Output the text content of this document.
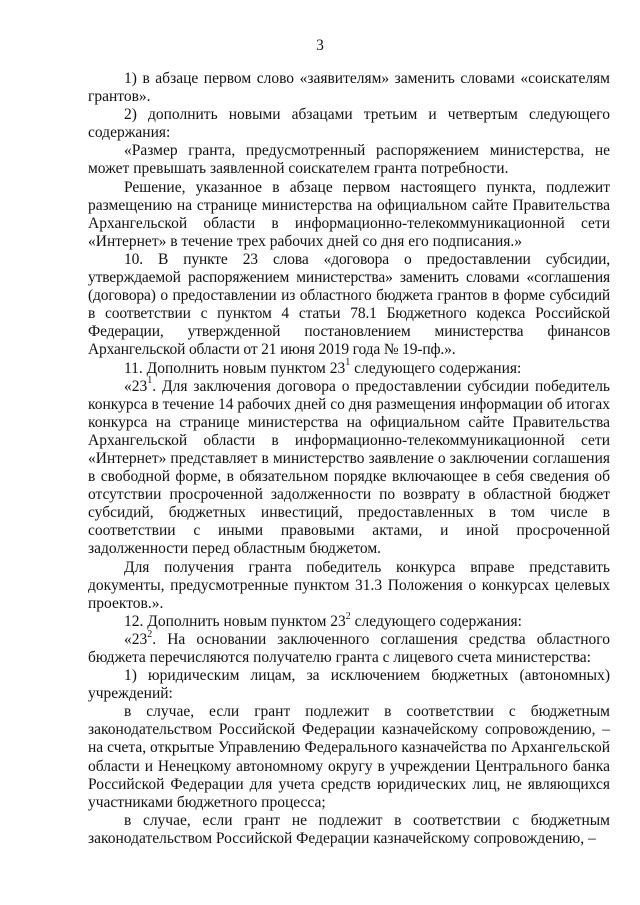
3

1) в абзаце первом слово «заявителям» заменить словами «соискателям грантов».

2) дополнить новыми абзацами третьим и четвертым следующего содержания:

«Размер гранта, предусмотренный распоряжением министерства, не может превышать заявленной соискателем гранта потребности.

Решение, указанное в абзаце первом настоящего пункта, подлежит размещению на странице министерства на официальном сайте Правительства Архангельской области в информационно-телекоммуникационной сети «Интернет» в течение трех рабочих дней со дня его подписания.»

10. В пункте 23 слова «договора о предоставлении субсидии, утверждаемой распоряжением министерства» заменить словами «соглашения (договора) о предоставлении из областного бюджета грантов в форме субсидий в соответствии с пунктом 4 статьи 78.1 Бюджетного кодекса Российской Федерации, утвержденной постановлением министерства финансов Архангельской области от 21 июня 2019 года № 19-пф.».

11. Дополнить новым пунктом $23^1$ следующего содержания:

«$23^1$. Для заключения договора о предоставлении субсидии победитель конкурса в течение 14 рабочих дней со дня размещения информации об итогах конкурса на странице министерства на официальном сайте Правительства Архангельской области в информационно-телекоммуникационной сети «Интернет» представляет в министерство заявление о заключении соглашения в свободной форме, в обязательном порядке включающее в себя сведения об отсутствии просроченной задолженности по возврату в областной бюджет субсидий, бюджетных инвестиций, предоставленных в том числе в соответствии с иными правовыми актами, и иной просроченной задолженности перед областным бюджетом.

Для получения гранта победитель конкурса вправе представить документы, предусмотренные пунктом 31.3 Положения о конкурсах целевых проектов.».

12. Дополнить новым пунктом $23^2$ следующего содержания:

«$23^2$. На основании заключенного соглашения средства областного бюджета перечисляются получателю гранта с лицевого счета министерства:

1) юридическим лицам, за исключением бюджетных (автономных) учреждений:

в случае, если грант подлежит в соответствии с бюджетным законодательством Российской Федерации казначейскому сопровождению, – на счета, открытые Управлению Федерального казначейства по Архангельской области и Ненецкому автономному округу в учреждении Центрального банка Российской Федерации для учета средств юридических лиц, не являющихся участниками бюджетного процесса;

в случае, если грант не подлежит в соответствии с бюджетным законодательством Российской Федерации казначейскому сопровождению, –
